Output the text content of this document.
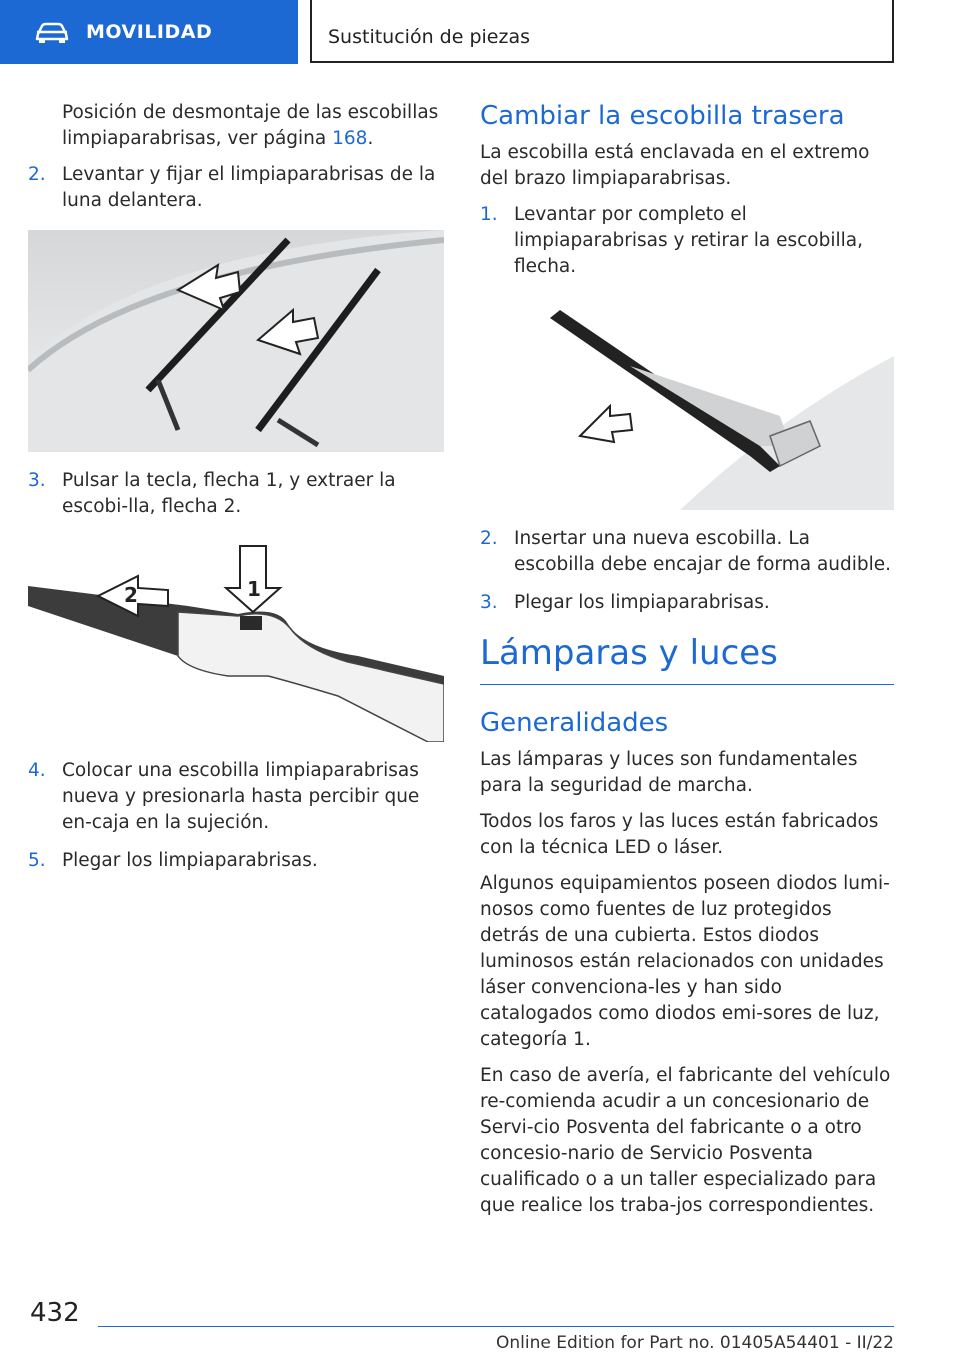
MOVILIDAD	Sustitución de piezas

Posición de desmontaje de las escobillas limpiaparabrisas, ver página 168.

2. Levantar y fijar el limpiaparabrisas de la luna delantera.
3. Pulsar la tecla, flecha 1, y extraer la escobi‐lla, flecha 2.
2	1
4. Colocar una escobilla limpiaparabrisas nueva y presionarla hasta percibir que en‐caja en la sujeción.
5. Plegar los limpiaparabrisas.
Cambiar la escobilla trasera

La escobilla está enclavada en el extremo del brazo limpiaparabrisas.

1. Levantar por completo el limpiaparabrisas y retirar la escobilla, flecha.
2. Insertar una nueva escobilla. La escobilla debe encajar de forma audible.
3. Plegar los limpiaparabrisas.
Lámparas y luces
Generalidades

Las lámparas y luces son fundamentales para la seguridad de marcha.

Todos los faros y las luces están fabricados con la técnica LED o láser.

Algunos equipamientos poseen diodos lumi‐nosos como fuentes de luz protegidos detrás de una cubierta. Estos diodos luminosos están relacionados con unidades láser convenciona‐les y han sido catalogados como diodos emi‐sores de luz, categoría 1.

En caso de avería, el fabricante del vehículo re‐comienda acudir a un concesionario de Servi‐cio Posventa del fabricante o a otro concesio‐nario de Servicio Posventa cualificado o a un taller especializado para que realice los traba‐jos correspondientes.

432
Online Edition for Part no. 01405A54401 - II/22
